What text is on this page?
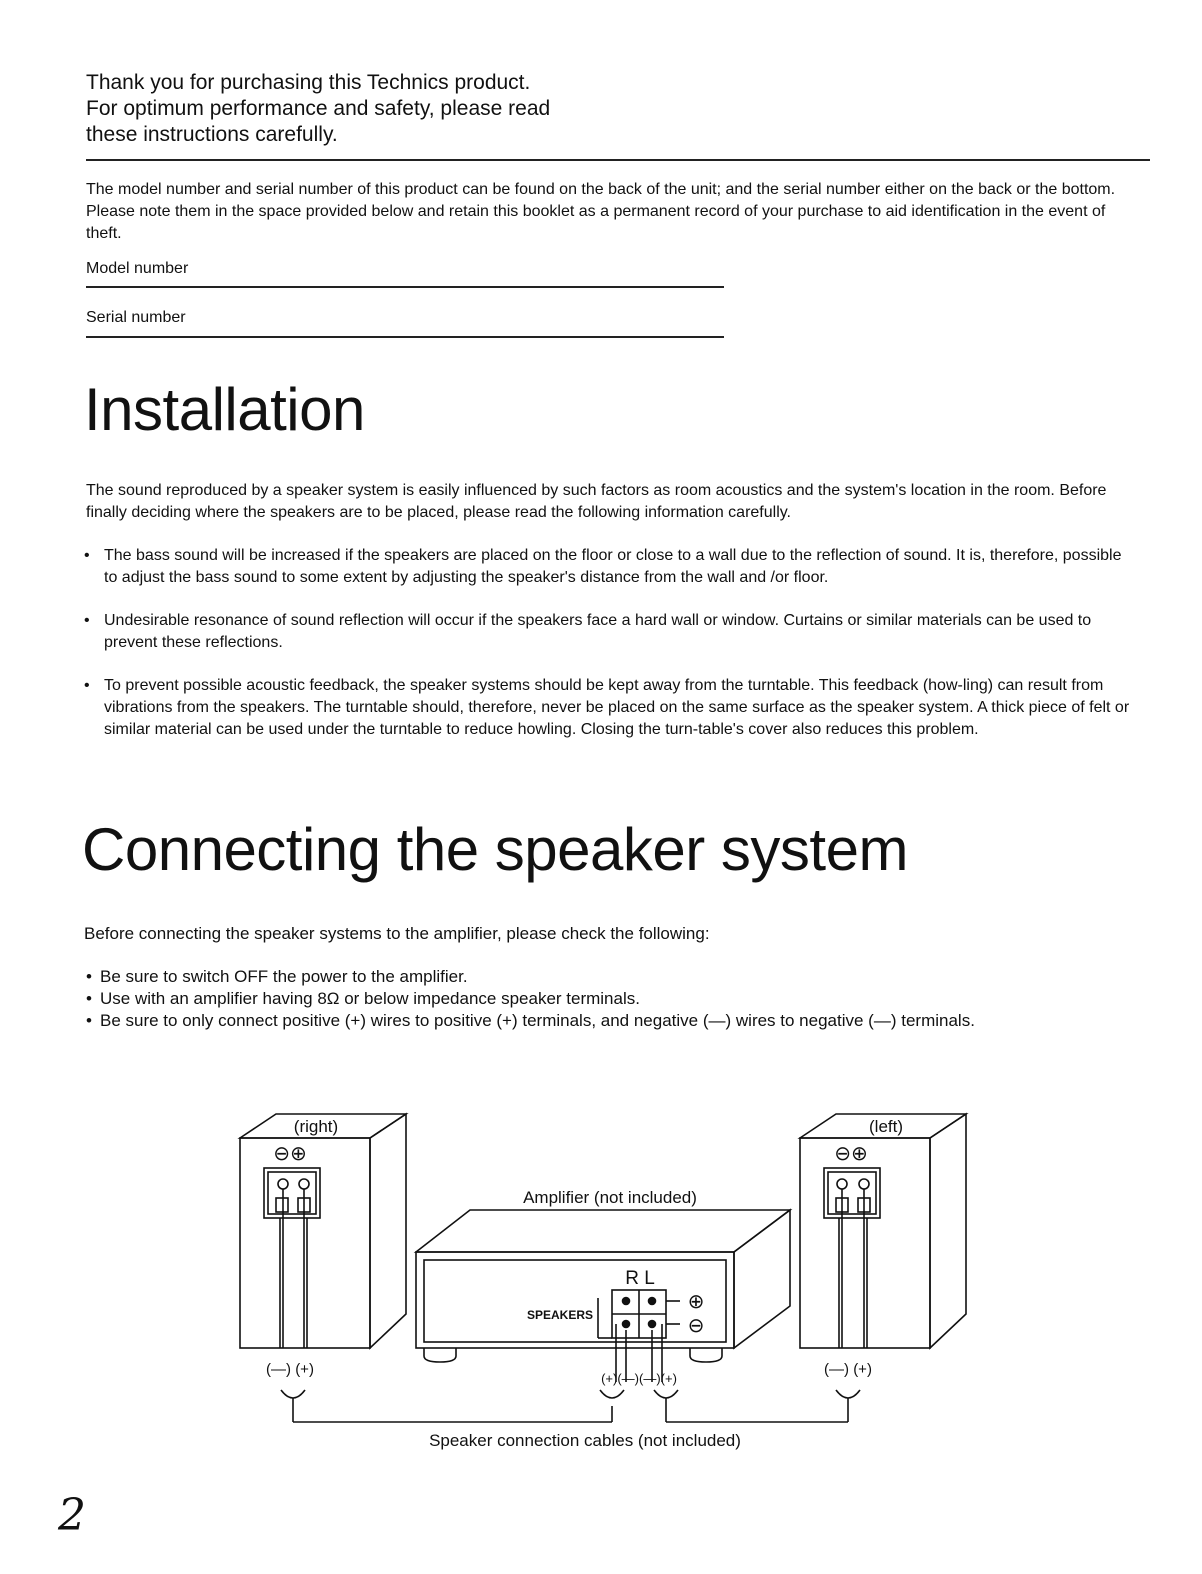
Thank you for purchasing this Technics product.
For optimum performance and safety, please read
these instructions carefully.
The model number and serial number of this product can be found on the back of the unit; and the serial number either on the back or the bottom. Please note them in the space provided below and retain this booklet as a permanent record of your purchase to aid identification in the event of theft.
Model number
Serial number
Installation
The sound reproduced by a speaker system is easily influenced by such factors as room acoustics and the system's location in the room. Before finally deciding where the speakers are to be placed, please read the following information carefully.
• The bass sound will be increased if the speakers are placed on the floor or close to a wall due to the reflection of sound. It is, therefore, possible to adjust the bass sound to some extent by adjusting the speaker's distance from the wall and /or floor.
• Undesirable resonance of sound reflection will occur if the speakers face a hard wall or window. Curtains or similar materials can be used to prevent these reflections.
• To prevent possible acoustic feedback, the speaker systems should be kept away from the turntable. This feedback (how-ling) can result from vibrations from the speakers. The turntable should, therefore, never be placed on the same surface as the speaker system. A thick piece of felt or similar material can be used under the turntable to reduce howling. Closing the turn-table's cover also reduces this problem.
Connecting the speaker system
Before connecting the speaker systems to the amplifier, please check the following:
• Be sure to switch OFF the power to the amplifier.
• Use with an amplifier having 8Ω or below impedance speaker terminals.
• Be sure to only connect positive (+) wires to positive (+) terminals, and negative (—) wires to negative (—) terminals.
(right)
⊖⊕
(left)
⊖⊕
Amplifier (not included)
R L
SPEAKERS
⊕
⊖
(—) (+)	(—) (+)
(+)(—)(—)(+)
Speaker connection cables (not included)
2
